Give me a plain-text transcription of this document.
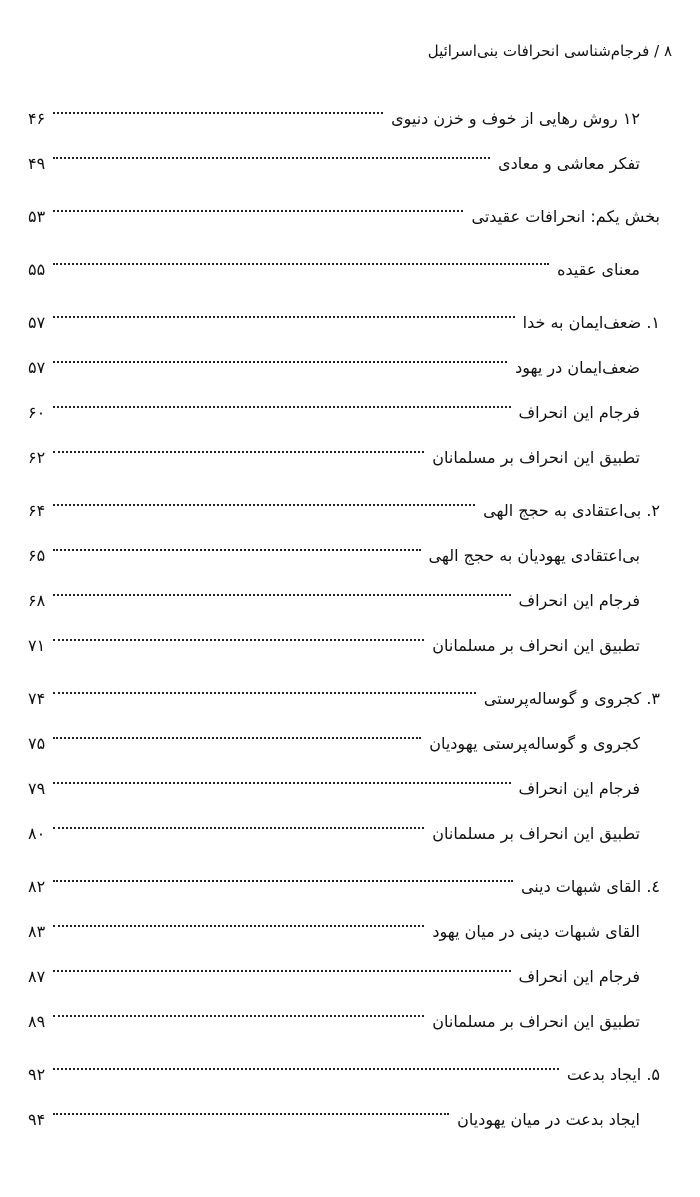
۸ / فرجام‌شناسی انحرافات بنی‌اسرائیل
۱۲ روش رهایی از خوف و خزن دنیوی
۴۶
تفکر معاشی و معادی
۴۹
بخش یکم: انحرافات عقیدتی
۵۳
معنای عقیده
۵۵
۱. ضعف‌ایمان به خدا
۵۷
ضعف‌ایمان در یهود
۵۷
فرجام این انحراف
۶۰
تطبیق این انحراف بر مسلمانان
۶۲
۲. بی‌اعتقادی به حجج الهی
۶۴
بی‌اعتقادی یهودیان به حجج الهی
۶۵
فرجام این انحراف
۶۸
تطبیق این انحراف بر مسلمانان
۷۱
۳. کجروی و گوساله‌پرستی
۷۴
کجروی و گوساله‌پرستی یهودیان
۷۵
فرجام این انحراف
۷۹
تطبیق این انحراف بر مسلمانان
۸۰
٤. القای شبهات دینی
۸۲
القای شبهات دینی در میان یهود
۸۳
فرجام این انحراف
۸۷
تطبیق این انحراف بر مسلمانان
۸۹
۵. ایجاد بدعت
۹۲
ایجاد بدعت در میان یهودیان
۹۴
